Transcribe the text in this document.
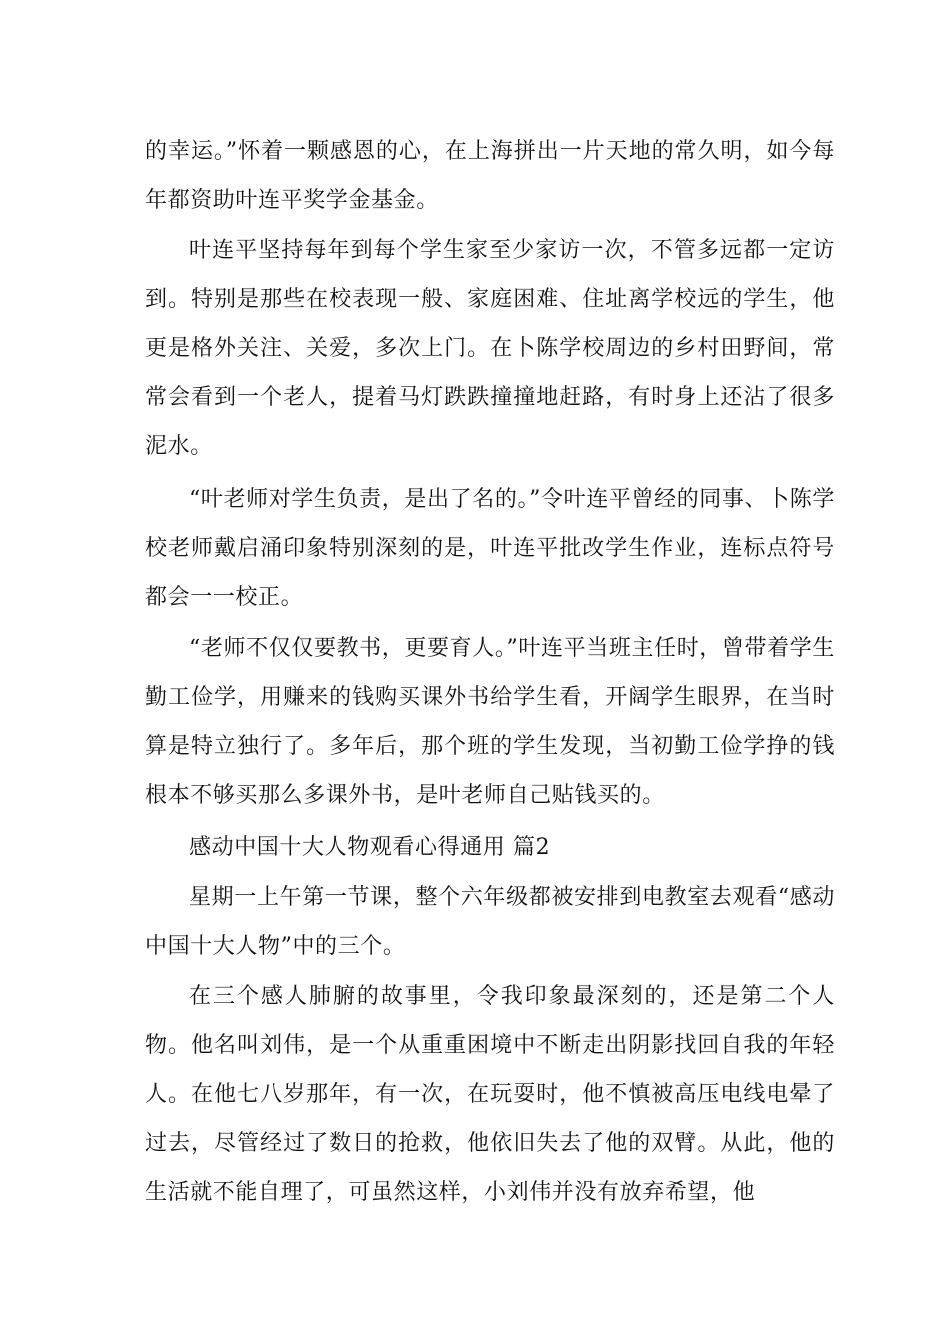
的幸运。”怀着一颗感恩的心，在上海拼出一片天地的常久明，如今每年都资助叶连平奖学金基金。

叶连平坚持每年到每个学生家至少家访一次，不管多远都一定访到。特别是那些在校表现一般、家庭困难、住址离学校远的学生，他更是格外关注、关爱，多次上门。在卜陈学校周边的乡村田野间，常常会看到一个老人，提着马灯跌跌撞撞地赶路，有时身上还沾了很多泥水。

“叶老师对学生负责，是出了名的。”令叶连平曾经的同事、卜陈学校老师戴启涌印象特别深刻的是，叶连平批改学生作业，连标点符号都会一一校正。

“老师不仅仅要教书，更要育人。”叶连平当班主任时，曾带着学生勤工俭学，用赚来的钱购买课外书给学生看，开阔学生眼界，在当时算是特立独行了。多年后，那个班的学生发现，当初勤工俭学挣的钱根本不够买那么多课外书，是叶老师自己贴钱买的。

感动中国十大人物观看心得通用 篇2

星期一上午第一节课，整个六年级都被安排到电教室去观看“感动中国十大人物”中的三个。

在三个感人肺腑的故事里，令我印象最深刻的，还是第二个人物。他名叫刘伟，是一个从重重困境中不断走出阴影找回自我的年轻人。在他七八岁那年，有一次，在玩耍时，他不慎被高压电线电晕了过去，尽管经过了数日的抢救，他依旧失去了他的双臂。从此，他的生活就不能自理了，可虽然这样，小刘伟并没有放弃希望，他
